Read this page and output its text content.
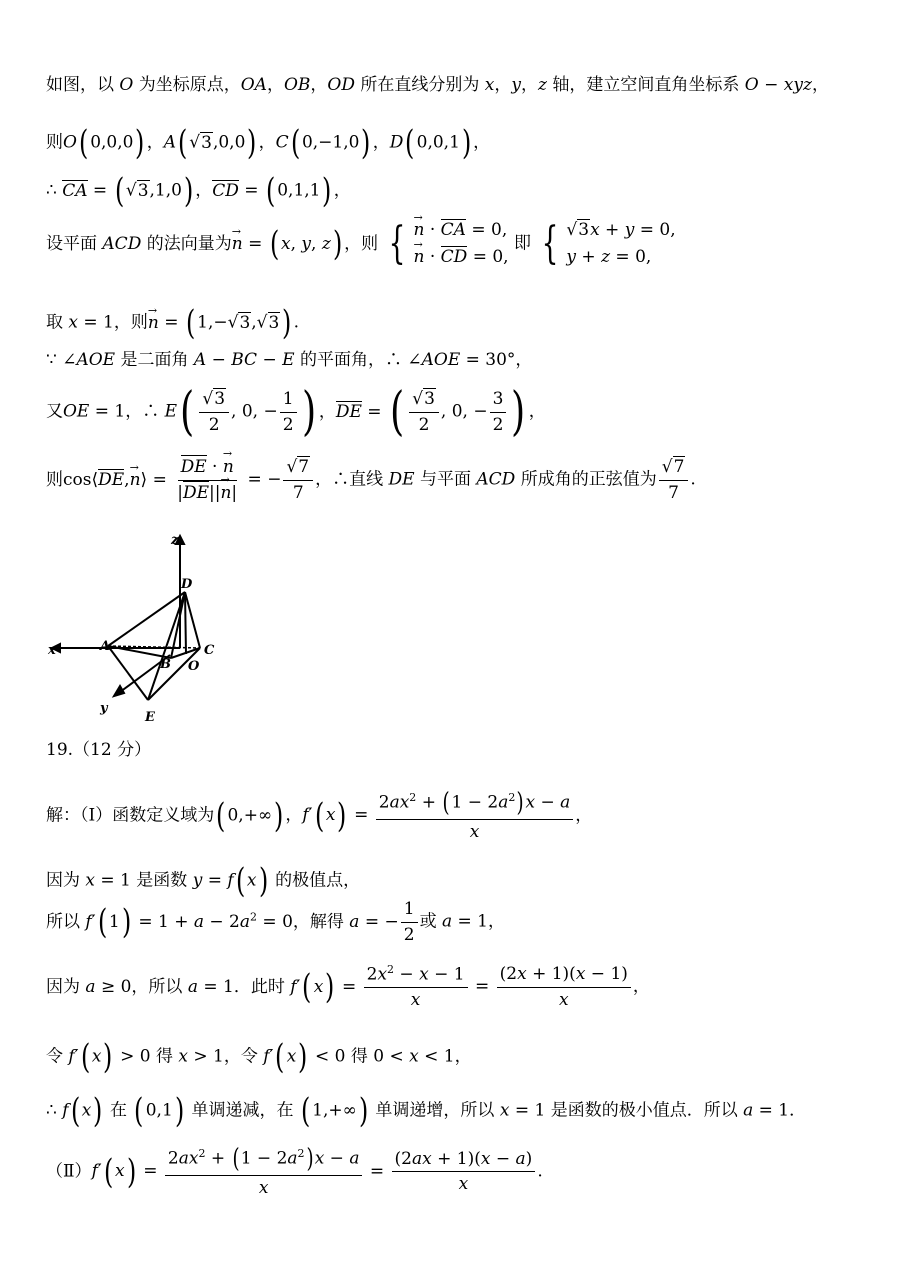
如图，以 O 为坐标原点，OA，OB，OD 所在直线分别为 x，y，z 轴，建立空间直角坐标系 O − xyz，
则O( 0,0,0) ，A( √3,0,0) ，C( 0,−1,0) ，D( 0,0,1) ，
∴ CA = ( √3,1,0) ，CD = ( 0,1,1) ，
设平面 ACD 的法向量为→ n = ( x, y, z) ，则 {
→ n · CA = 0,
→ n · CD = 0,
即 { √3x + y = 0,
y + z = 0,
取 x = 1，则→ n = ( 1,−√3,√3) .
∵ ∠AOE 是二面角 A − BC − E 的平面角，∴ ∠AOE = 30°，
又OE = 1，∴ $E( \frac{√3}{2}$ , 0, − $\frac{1}{2}$ ) ，DE = ( $\frac{√3}{2}$ , 0, − $\frac{3}{2}$ ) ，
则cos⟨DE,→ n⟩ = $\frac{DE \cdot \to n}{|DE||\to n|}$ = − $\frac{√7}{7}$ ，∴直线 DE 与平面 ACD 所成角的正弦值为 $\frac{√7}{7}$ .
z
D
x	A	C
B O
y
E
19.（12 分）
解：（Ⅰ）函数定义域为( 0,+∞) ，f′( $x) = \frac{2ax^2 + (1 - 2a^2)x - a}{x}$ ，
因为 x = 1 是函数 y = f( x) 的极值点，
所以 f′( $1) = 1 + a - 2a^2 = 0$，解得 a = − $\frac{1}{2}$ 或 a = 1，
因为 a ≥ 0，所以 a = 1．此时 f′( $x) = \frac{2x^2 - x - 1}{x} = \frac{(2x + 1)(x - 1)}{x}$ ，
令 f′( x) > 0 得 x > 1，令 f′( x) < 0 得 0 < x < 1，
∴ f( x) 在 ( 0,1) 单调递减，在 ( 1,+∞) 单调递增，所以 x = 1 是函数的极小值点．所以 a = 1．
（Ⅱ）f′( $x) = \frac{2ax^2 + (1 - 2a^2)x - a}{x} = \frac{(2ax + 1)(x - a)}{x}$ .
